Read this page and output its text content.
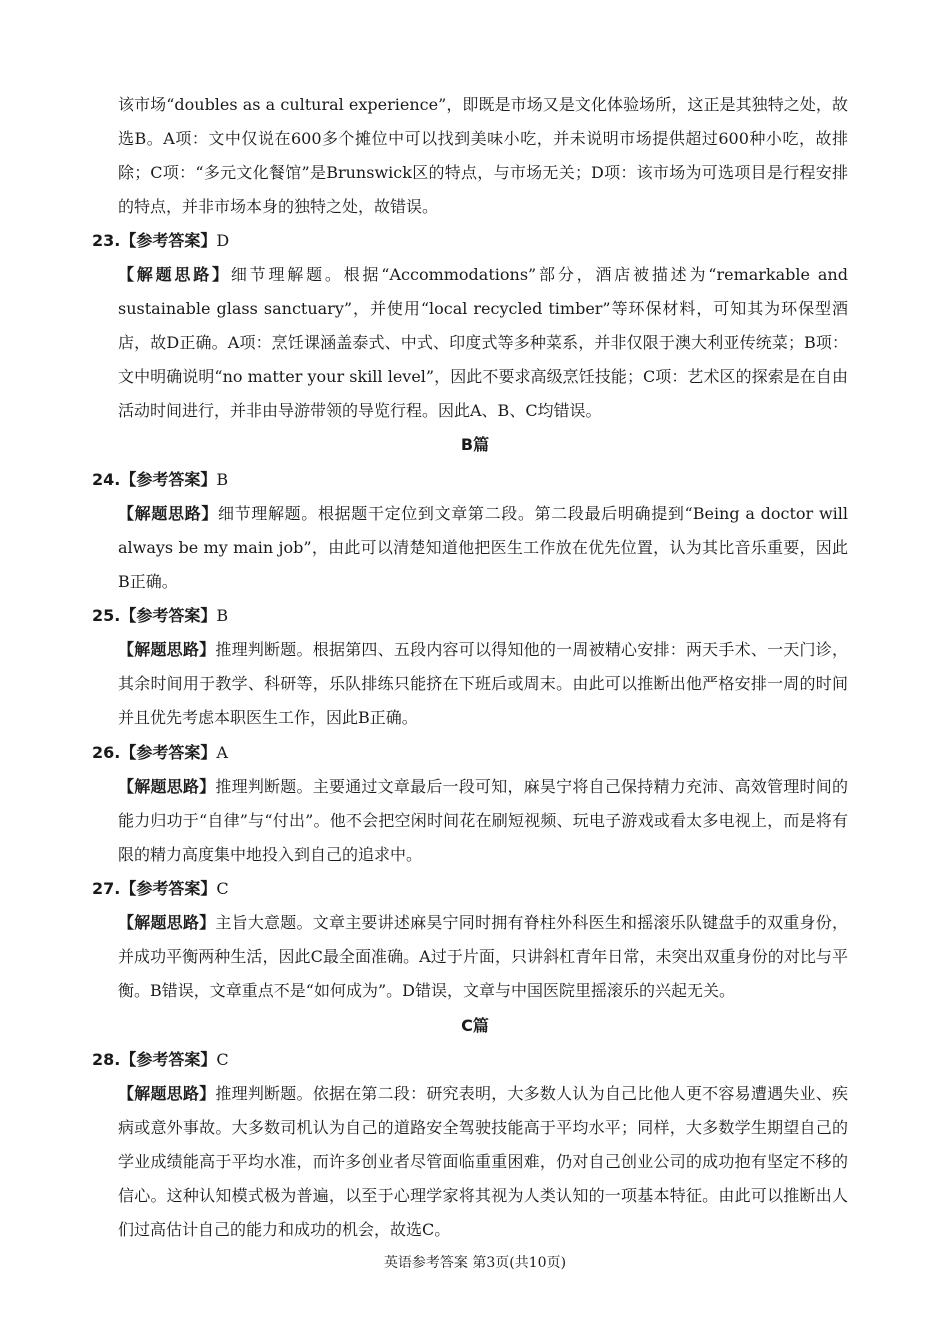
该市场“doubles as a cultural experience”，即既是市场又是文化体验场所，这正是其独特之处，故选B。A项：文中仅说在600多个摊位中可以找到美味小吃，并未说明市场提供超过600种小吃，故排除；C项：“多元文化餐馆”是Brunswick区的特点，与市场无关；D项：该市场为可选项目是行程安排的特点，并非市场本身的独特之处，故错误。

23.【参考答案】D

【解题思路】细节理解题。根据“Accommodations”部分，酒店被描述为“remarkable and sustainable glass sanctuary”，并使用“local recycled timber”等环保材料，可知其为环保型酒店，故D正确。A项：烹饪课涵盖泰式、中式、印度式等多种菜系，并非仅限于澳大利亚传统菜；B项：文中明确说明“no matter your skill level”，因此不要求高级烹饪技能；C项：艺术区的探索是在自由活动时间进行，并非由导游带领的导览行程。因此A、B、C均错误。

B篇

24.【参考答案】B

【解题思路】细节理解题。根据题干定位到文章第二段。第二段最后明确提到“Being a doctor will always be my main job”，由此可以清楚知道他把医生工作放在优先位置，认为其比音乐重要，因此B正确。

25.【参考答案】B

【解题思路】推理判断题。根据第四、五段内容可以得知他的一周被精心安排：两天手术、一天门诊，其余时间用于教学、科研等，乐队排练只能挤在下班后或周末。由此可以推断出他严格安排一周的时间并且优先考虑本职医生工作，因此B正确。

26.【参考答案】A

【解题思路】推理判断题。主要通过文章最后一段可知，麻昊宁将自己保持精力充沛、高效管理时间的能力归功于“自律”与“付出”。他不会把空闲时间花在刷短视频、玩电子游戏或看太多电视上，而是将有限的精力高度集中地投入到自己的追求中。

27.【参考答案】C

【解题思路】主旨大意题。文章主要讲述麻昊宁同时拥有脊柱外科医生和摇滚乐队键盘手的双重身份，并成功平衡两种生活，因此C最全面准确。A过于片面，只讲斜杠青年日常，未突出双重身份的对比与平衡。B错误，文章重点不是“如何成为”。D错误，文章与中国医院里摇滚乐的兴起无关。

C篇

28.【参考答案】C

【解题思路】推理判断题。依据在第二段：研究表明，大多数人认为自己比他人更不容易遭遇失业、疾病或意外事故。大多数司机认为自己的道路安全驾驶技能高于平均水平；同样，大多数学生期望自己的学业成绩能高于平均水准，而许多创业者尽管面临重重困难，仍对自己创业公司的成功抱有坚定不移的信心。这种认知模式极为普遍，以至于心理学家将其视为人类认知的一项基本特征。由此可以推断出人们过高估计自己的能力和成功的机会，故选C。

英语参考答案 第3页(共10页)
